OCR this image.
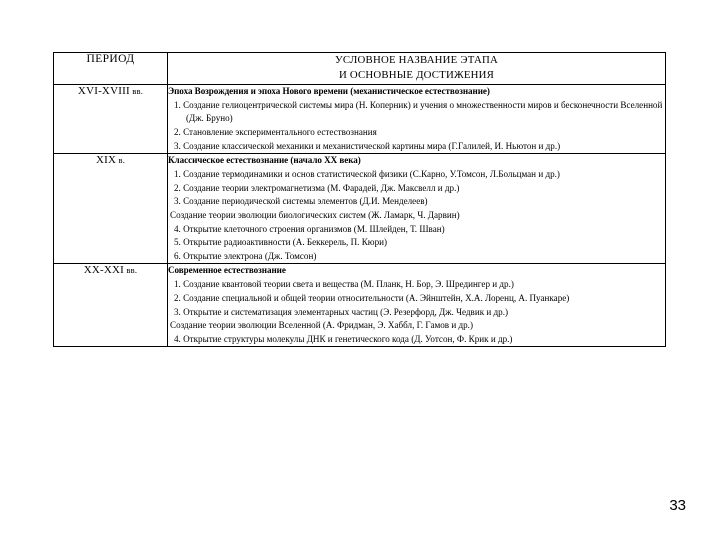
ПЕРИОД	УСЛОВНОЕ НАЗВАНИЕ ЭТАПА
И ОСНОВНЫЕ ДОСТИЖЕНИЯ

XVI-XVIII вв.	Эпоха Возрождения и эпоха Нового времени (механистическое естествознание)
1. Создание гелиоцентрической системы мира (Н. Коперник) и учения о множественности миров и бесконечности Вселенной (Дж. Бруно)
2. Становление экспериментального естествознания
3. Создание классической механики и механистической картины мира (Г.Галилей, И. Ньютон и др.)

XIX в.	Классическое естествознание (начало XX века)
1. Создание термодинамики и основ статистической физики (С.Карно, У.Томсон, Л.Больцман и др.)
2. Создание теории электромагнетизма (М. Фарадей, Дж. Максвелл и др.)
3. Создание периодической системы элементов (Д.И. Менделеев)
Создание теории эволюции биологических систем (Ж. Ламарк, Ч. Дарвин)
4. Открытие клеточного строения организмов (М. Шлейден, Т. Шван)
5. Открытие радиоактивности (А. Беккерель, П. Кюри)
6. Открытие электрона (Дж. Томсон)

XX-XXI вв.	Современное естествознание
1. Создание квантовой теории света и вещества (М. Планк, Н. Бор, Э. Шредингер и др.)
2. Создание специальной и общей теории относительности (А. Эйнштейн, Х.А. Лоренц, А. Пуанкаре)
3. Открытие и систематизация элементарных частиц (Э. Резерфорд, Дж. Чедвик и др.)
Создание теории эволюции Вселенной (А. Фридман, Э. Хаббл, Г. Гамов и др.)
4. Открытие структуры молекулы ДНК и генетического кода (Д. Уотсон, Ф. Крик и др.)
33
